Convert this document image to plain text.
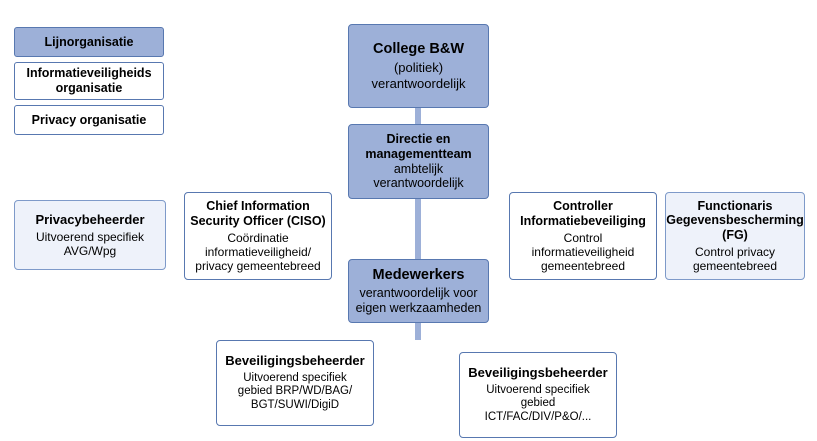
Lijnorganisatie
Informatieveiligheids
organisatie
Privacy organisatie
College B&W
(politiek)
verantwoordelijk
Directie en
managementteam
ambtelijk
verantwoordelijk
Medewerkers
verantwoordelijk voor
eigen werkzaamheden
Privacybeheerder
Uitvoerend specifiek
AVG/Wpg
Chief Information
Security Officer (CISO)
Coördinatie
informatieveiligheid/
privacy gemeentebreed
Controller
Informatiebeveiliging
Control
informatieveiligheid
gemeentebreed
Functionaris
Gegevensbescherming
(FG)
Control privacy
gemeentebreed
Beveiligingsbeheerder
Uitvoerend specifiek
gebied BRP/WD/BAG/
BGT/SUWI/DigiD
Beveiligingsbeheerder
Uitvoerend specifiek
gebied
ICT/FAC/DIV/P&O/...
